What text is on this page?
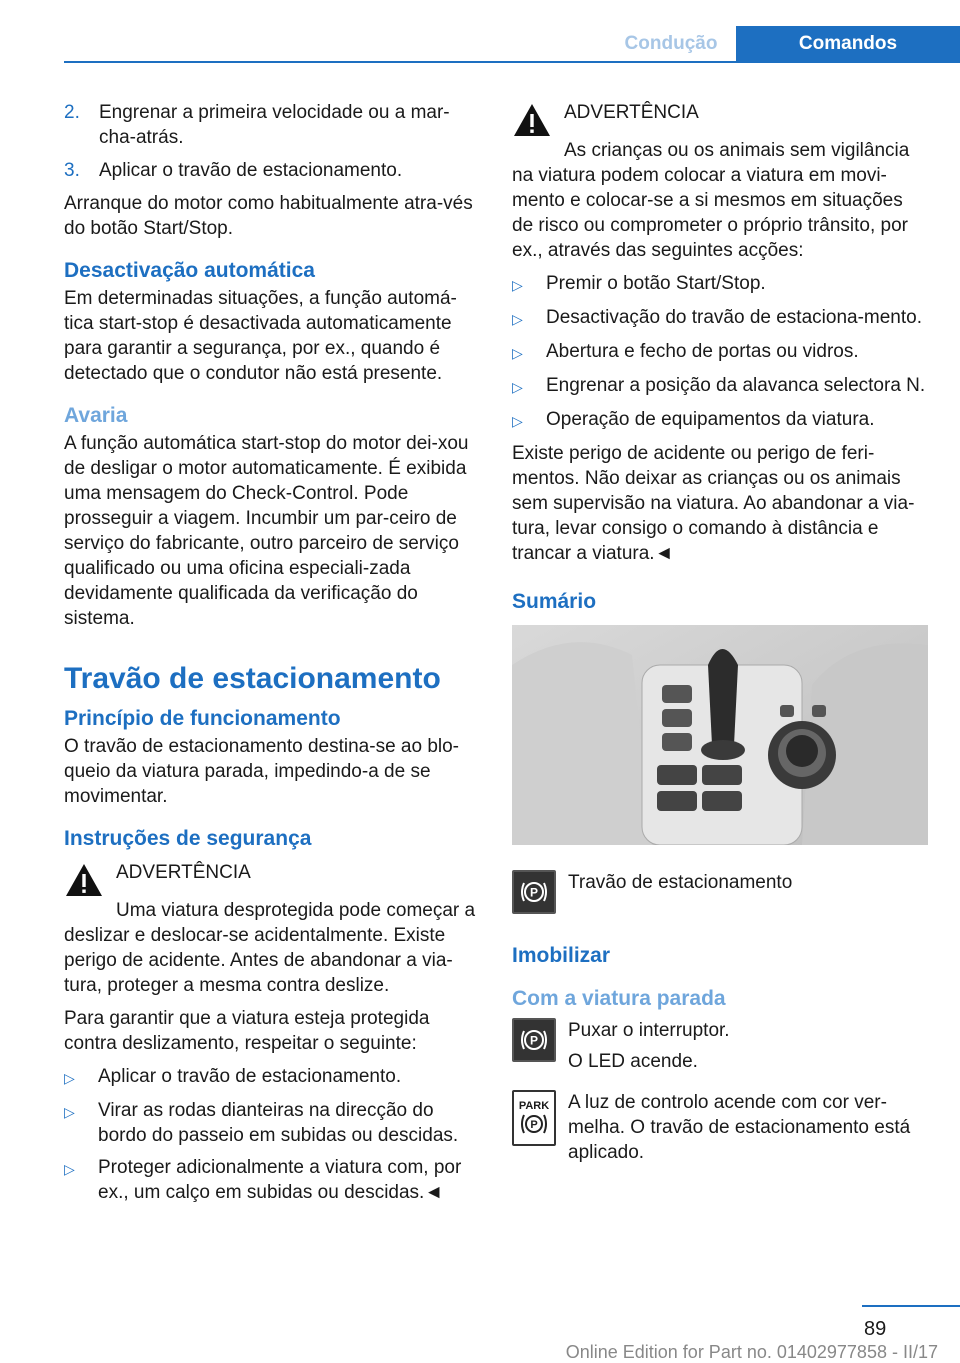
Condução	Comandos
2.	Engrenar a primeira velocidade ou a mar-cha-atrás.
3.	Aplicar o travão de estacionamento.

Arranque do motor como habitualmente atra-vés do botão Start/Stop.

Desactivação automática

Em determinadas situações, a função automá-tica start-stop é desactivada automaticamente para garantir a segurança, por ex., quando é detectado que o condutor não está presente.

Avaria

A função automática start-stop do motor dei-xou de desligar o motor automaticamente. É exibida uma mensagem do Check-Control. Pode prosseguir a viagem. Incumbir um par-ceiro de serviço do fabricante, outro parceiro de serviço qualificado ou uma oficina especiali-zada devidamente qualificada da verificação do sistema.

Travão de estacionamento
Princípio de funcionamento

O travão de estacionamento destina-se ao blo-queio da viatura parada, impedindo-a de se movimentar.

Instruções de segurança
ADVERTÊNCIA
Uma viatura desprotegida pode começar a deslizar e deslocar-se acidentalmente. Existe perigo de acidente. Antes de abandonar a via-tura, proteger a mesma contra deslize.

Para garantir que a viatura esteja protegida contra deslizamento, respeitar o seguinte:

▷	Aplicar o travão de estacionamento.
▷	Virar as rodas dianteiras na direcção do bordo do passeio em subidas ou descidas.
▷	Proteger adicionalmente a viatura com, por ex., um calço em subidas ou descidas.◄
ADVERTÊNCIA
As crianças ou os animais sem vigilância na viatura podem colocar a viatura em movi-mento e colocar-se a si mesmos em situações de risco ou comprometer o próprio trânsito, por ex., através das seguintes acções:
▷	Premir o botão Start/Stop.
▷	Desactivação do travão de estaciona-mento.
▷	Abertura e fecho de portas ou vidros.
▷	Engrenar a posição da alavanca selectora N.
▷	Operação de equipamentos da viatura.

Existe perigo de acidente ou perigo de feri-mentos. Não deixar as crianças ou os animais sem supervisão na viatura. Ao abandonar a via-tura, levar consigo o comando à distância e trancar a viatura.◄

Sumário
P Travão de estacionamento
Imobilizar
Com a viatura parada
P Puxar o interruptor.
O LED acende.
PARK
P
A luz de controlo acende com cor ver-melha. O travão de estacionamento está aplicado.
89
Online Edition for Part no. 01402977858 - II/17
